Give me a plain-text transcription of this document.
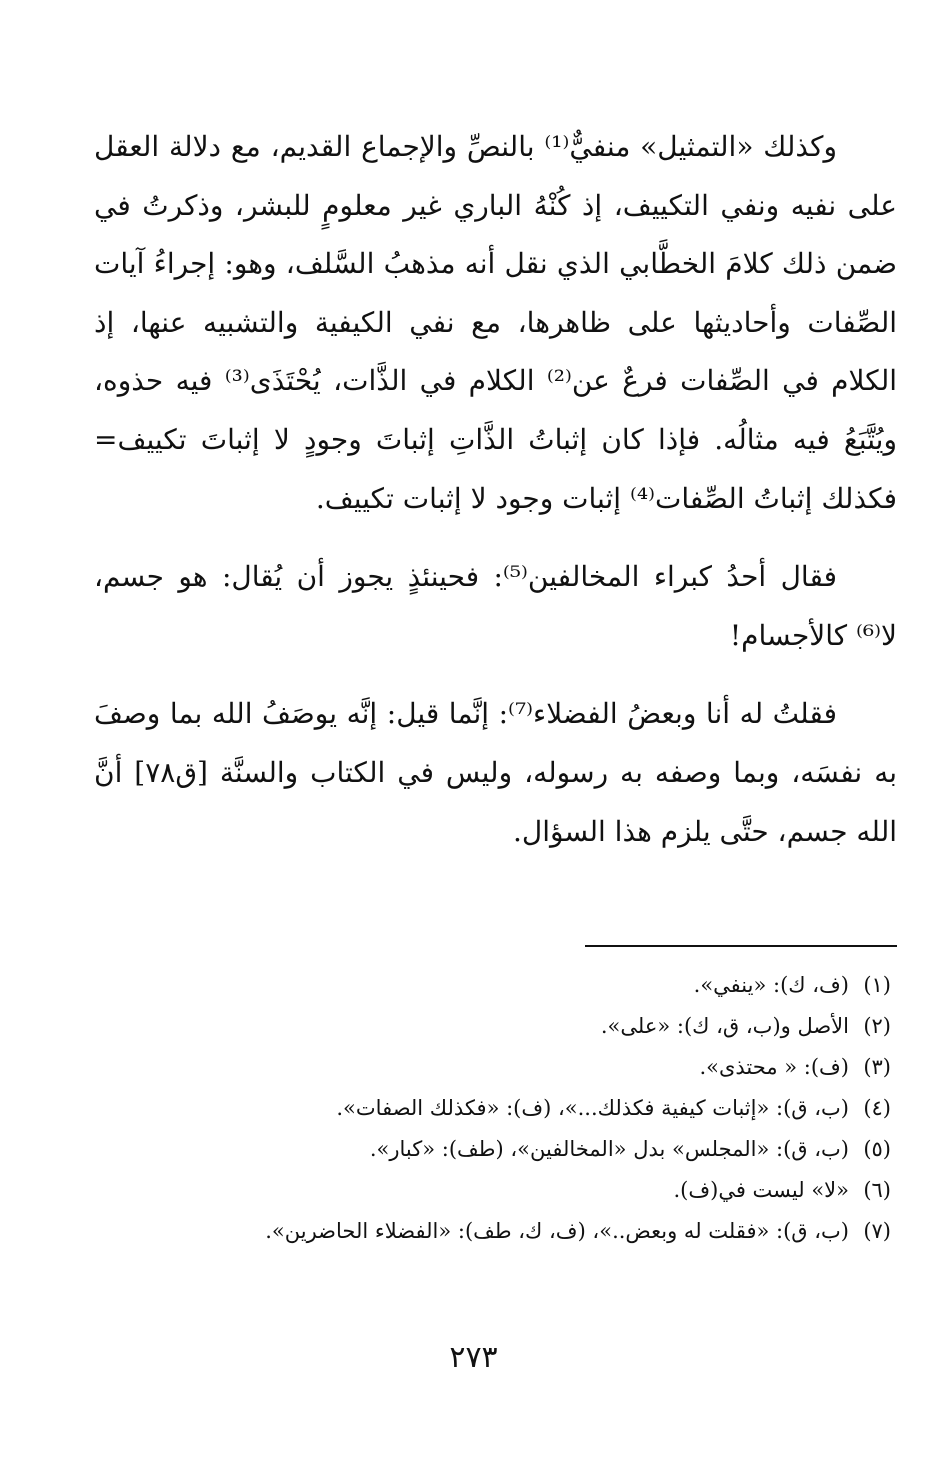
وكذلك «التمثيل» منفيٌّ⁽¹⁾ بالنصِّ والإجماع القديم، مع دلالة العقل على نفيه ونفي التكييف، إذ كُنْهُ الباري غير معلومٍ للبشر، وذكرتُ في ضمن ذلك كلامَ الخطَّابي الذي نقل أنه مذهبُ السَّلف، وهو: إجراءُ آيات الصِّفات وأحاديثها على ظاهرها، مع نفي الكيفية والتشبيه عنها، إذ الكلام في الصِّفات فرعٌ عن⁽²⁾ الكلام في الذَّات، يُحْتَذَى⁽³⁾ فيه حذوه، ويُتَّبَعُ فيه مثالُه. فإذا كان إثباتُ الذَّاتِ إثباتَ وجودٍ لا إثباتَ تكييف= فكذلك إثباتُ الصِّفات⁽⁴⁾ إثبات وجود لا إثبات تكييف.

فقال أحدُ كبراء المخالفين⁽⁵⁾: فحينئذٍ يجوز أن يُقال: هو جسم، لا⁽⁶⁾ كالأجسام!

فقلتُ له أنا وبعضُ الفضلاء⁽⁷⁾: إنَّما قيل: إنَّه يوصَفُ الله بما وصفَ به نفسَه، وبما وصفه به رسوله، وليس في الكتاب والسنَّة [ق٧٨] أنَّ الله جسم، حتَّى يلزم هذا السؤال.

(١)(ف، ك): «ينفي».
(٢)الأصل و(ب، ق، ك): «على».
(٣)(ف): « محتذى».
(٤)(ب، ق): «إثبات كيفية فكذلك...»، (ف): «فكذلك الصفات».
(٥)(ب، ق): «المجلس» بدل «المخالفين»، (طف): «كبار».
(٦)«لا» ليست في(ف).
(٧)(ب، ق): «فقلت له وبعض..»، (ف، ك، طف): «الفضلاء الحاضرين».
٢٧٣
